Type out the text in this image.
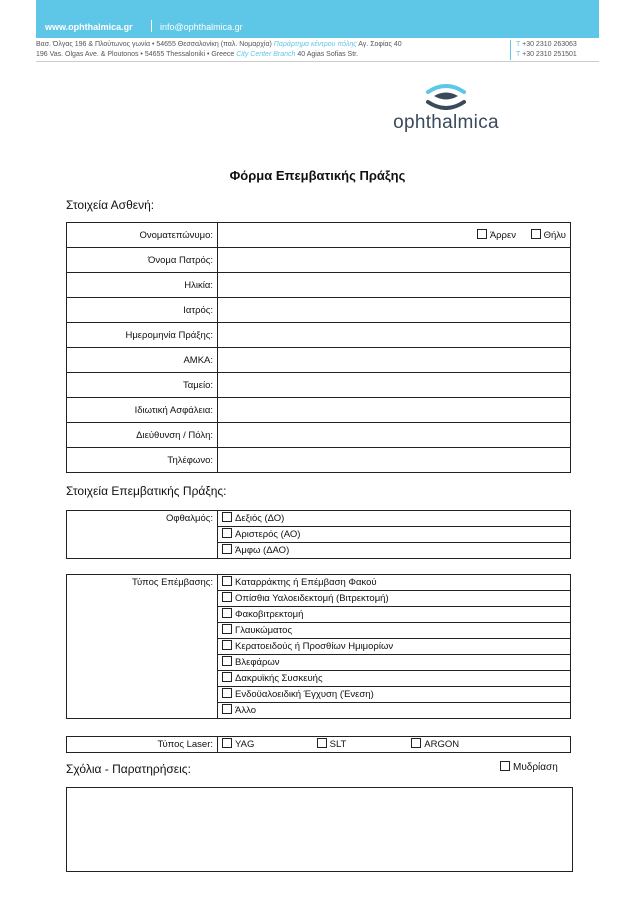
www.ophthalmica.gr	info@ophthalmica.gr
Βασ. Όλγας 196 & Πλούτωνος γωνία • 54655 Θεσσαλονίκη (παλ. Νομαρχία) Παράρτημα κέντρου πόλης Αγ. Σοφίας 40	T +30 2310 263063
196 Vas. Olgas Ave. & Ploutonos • 54655 Thessaloniki • Greece City Center Branch 40 Agias Sofias Str.	T +30 2310 251501
ophthalmica
Φόρμα Επεμβατικής Πράξης
Στοιχεία Ασθενή:
Ονοματεπώνυμο:	Άρρεν Θήλυ

Όνομα Πατρός:	
Ηλικία:	
Ιατρός:	
Ημερομηνία Πράξης:	
ΑΜΚΑ:	
Ταμείο:	
Ιδιωτική Ασφάλεια:	
Διεύθυνση / Πόλη:	
Τηλέφωνο:	
Στοιχεία Επεμβατικής Πράξης:
Οφθαλμός:	Δεξιός (ΔΟ)
	Αριστερός (ΑΟ)
	Άμφω (ΔΑΟ)
Τύπος Επέμβασης:	Καταρράκτης ή Επέμβαση Φακού
	Οπίσθια Υαλοειδεκτομή (Βιτρεκτομή)
	Φακοβιτρεκτομή
	Γλαυκώματος
	Κερατοειδούς ή Προσθίων Ημιμορίων
	Βλεφάρων
	Δακρυϊκής Συσκευής
	Ενδοϋαλοειδική Έγχυση (Ένεση)
	Άλλο
Τύπος Laser:	YAG	SLT	ARGON
Σχόλια - Παρατηρήσεις:	Μυδρίαση
